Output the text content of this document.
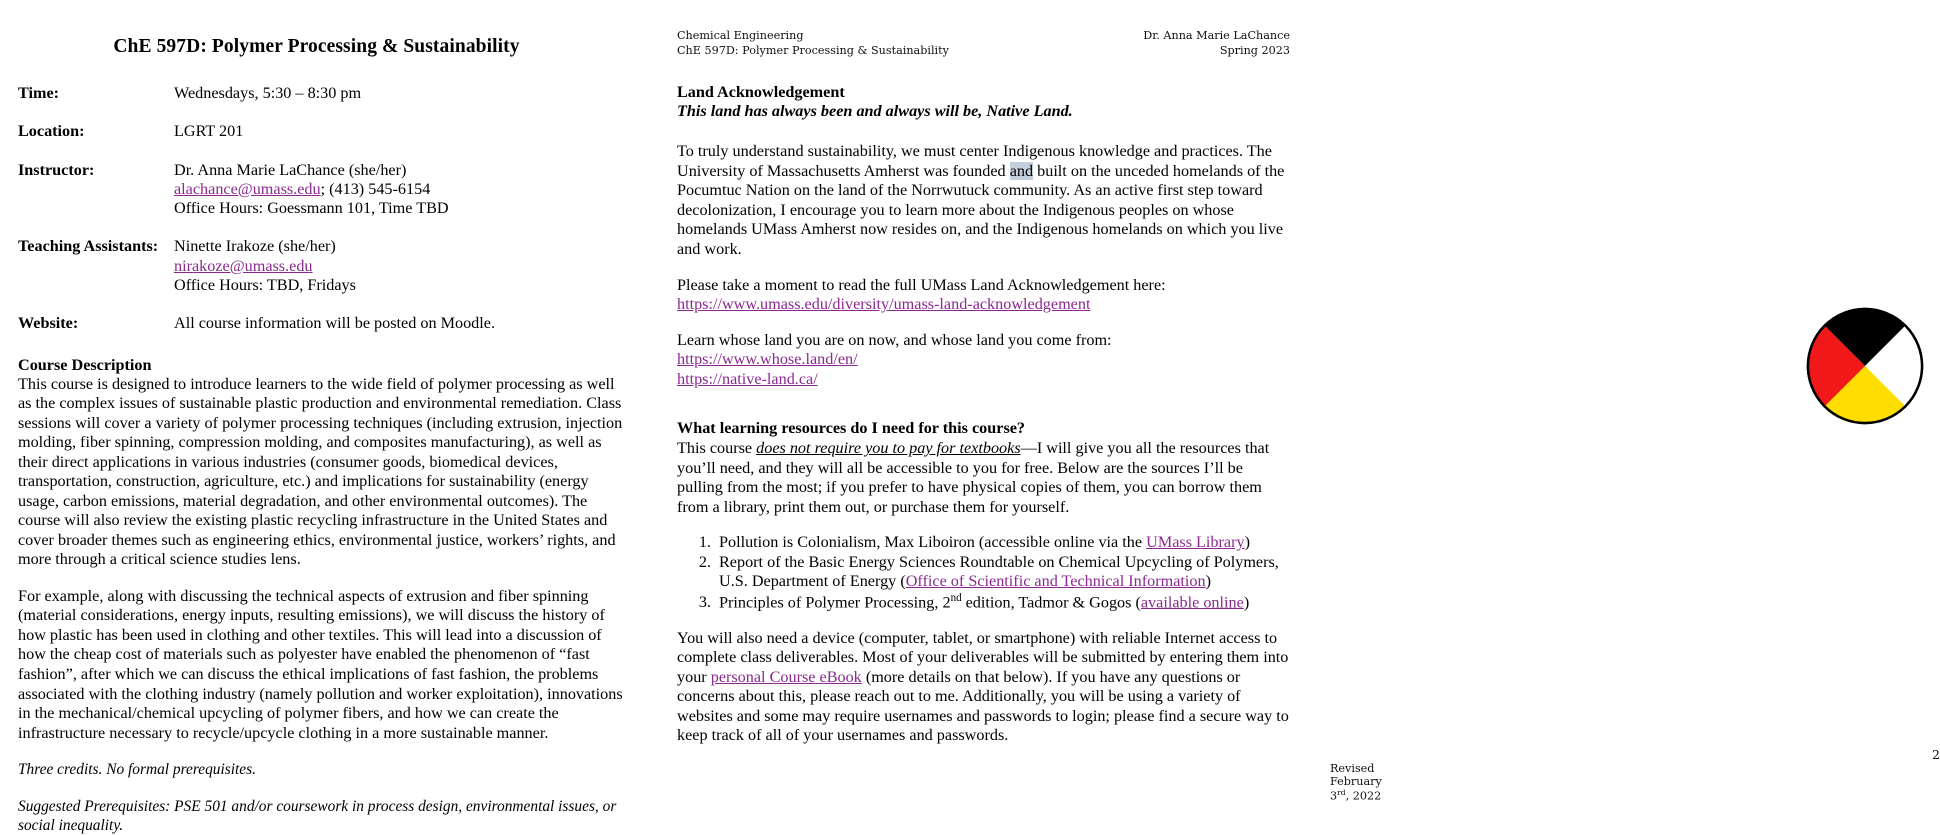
ChE 597D: Polymer Processing & Sustainability
Time:	Wednesdays, 5:30 – 8:30 pm
Location:	LGRT 201
Instructor:	Dr. Anna Marie LaChance (she/her)
alachance@umass.edu; (413) 545-6154
Office Hours: Goessmann 101, Time TBD

Teaching Assistants:	Ninette Irakoze (she/her)
nirakoze@umass.edu
Office Hours: TBD, Fridays

Website:	All course information will be posted on Moodle.
Course Description

This course is designed to introduce learners to the wide field of polymer processing as well as the complex issues of sustainable plastic production and environmental remediation. Class sessions will cover a variety of polymer processing techniques (including extrusion, injection molding, fiber spinning, compression molding, and composites manufacturing), as well as their direct applications in various industries (consumer goods, biomedical devices, transportation, construction, agriculture, etc.) and implications for sustainability (energy usage, carbon emissions, material degradation, and other environmental outcomes). The course will also review the existing plastic recycling infrastructure in the United States and cover broader themes such as engineering ethics, environmental justice, workers’ rights, and more through a critical science studies lens.

For example, along with discussing the technical aspects of extrusion and fiber spinning (material considerations, energy inputs, resulting emissions), we will discuss the history of how plastic has been used in clothing and other textiles. This will lead into a discussion of how the cheap cost of materials such as polyester have enabled the phenomenon of “fast fashion”, after which we can discuss the ethical implications of fast fashion, the problems associated with the clothing industry (namely pollution and worker exploitation), innovations in the mechanical/chemical upcycling of polymer fibers, and how we can create the infrastructure necessary to recycle/upcycle clothing in a more sustainable manner.

Three credits. No formal prerequisites.

Suggested Prerequisites: PSE 501 and/or coursework in process design, environmental issues, or social inequality.

Chemical Engineering
ChE 597D: Polymer Processing & Sustainability
Dr. Anna Marie LaChance
Spring 2023
Land Acknowledgement
This land has always been and always will be, Native Land.

To truly understand sustainability, we must center Indigenous knowledge and practices. The University of Massachusetts Amherst was founded and built on the unceded homelands of the Pocumtuc Nation on the land of the Norrwutuck community. As an active first step toward decolonization, I encourage you to learn more about the Indigenous peoples on whose homelands UMass Amherst now resides on, and the Indigenous homelands on which you live and work.

Please take a moment to read the full UMass Land Acknowledgement here:

https://www.umass.edu/diversity/umass-land-acknowledgement

Learn whose land you are on now, and whose land you come from:

https://www.whose.land/en/

https://native-land.ca/

What learning resources do I need for this course?

This course does not require you to pay for textbooks—I will give you all the resources that you’ll need, and they will all be accessible to you for free. Below are the sources I’ll be pulling from the most; if you prefer to have physical copies of them, you can borrow them from a library, print them out, or purchase them for yourself.

1. Pollution is Colonialism, Max Liboiron (accessible online via the UMass Library)
2. Report of the Basic Energy Sciences Roundtable on Chemical Upcycling of Polymers, U.S. Department of Energy (Office of Scientific and Technical Information)
3. Principles of Polymer Processing, 2nd edition, Tadmor & Gogos (available online)

You will also need a device (computer, tablet, or smartphone) with reliable Internet access to complete class deliverables. Most of your deliverables will be submitted by entering them into your personal Course eBook (more details on that below). If you have any questions or concerns about this, please reach out to me. Additionally, you will be using a variety of websites and some may require usernames and passwords to login; please find a secure way to keep track of all of your usernames and passwords.

Revised February 3rd, 2022
2
